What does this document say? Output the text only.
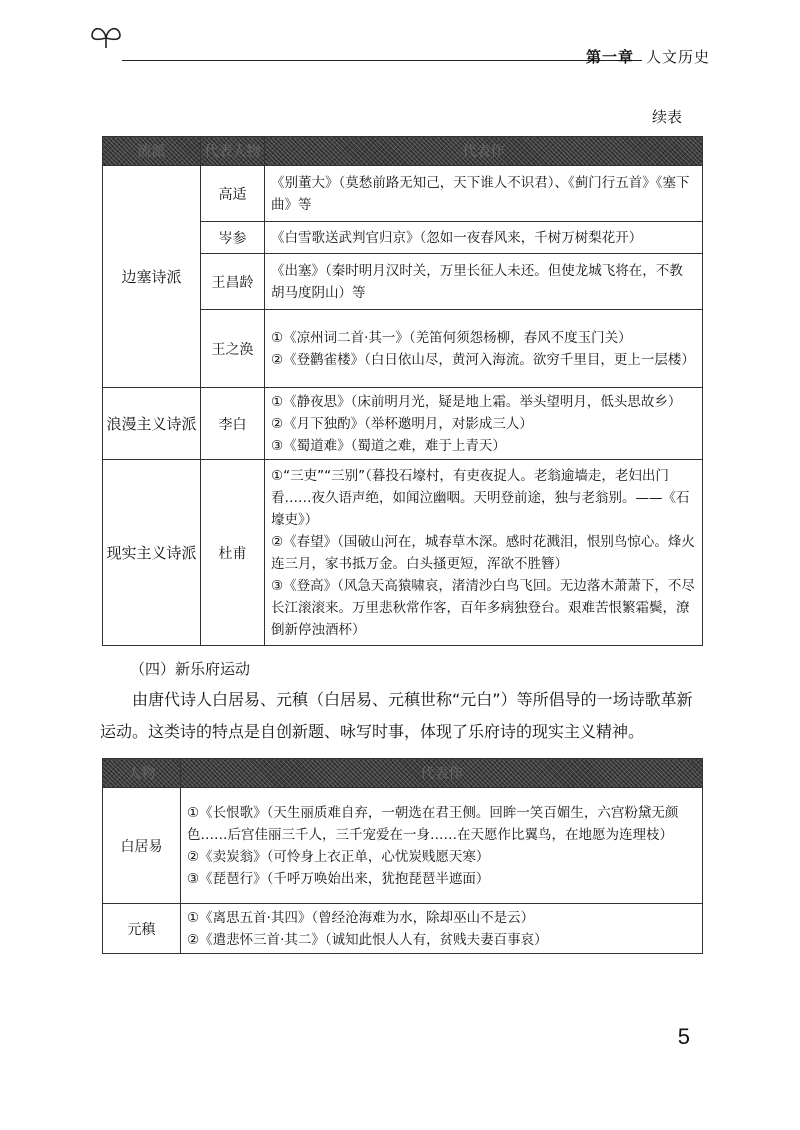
第一章 人文历史
续表
流派	代表人物	代表作
边塞诗派	高适	《别董大》（莫愁前路无知己，天下谁人不识君）、《蓟门行五首》《塞下曲》等

	岑参	《白雪歌送武判官归京》（忽如一夜春风来，千树万树梨花开）

	王昌龄	《出塞》（秦时明月汉时关，万里长征人未还。但使龙城飞将在，不教胡马度阴山）等

	王之涣	①《凉州词二首·其一》（羌笛何须怨杨柳，春风不度玉门关）
②《登鹳雀楼》（白日依山尽，黄河入海流。欲穷千里目，更上一层楼）

浪漫主义诗派	李白	①《静夜思》（床前明月光，疑是地上霜。举头望明月，低头思故乡）
②《月下独酌》（举杯邀明月，对影成三人）
③《蜀道难》（蜀道之难，难于上青天）

现实主义诗派	杜甫	①“三吏”“三别”（暮投石壕村，有吏夜捉人。老翁逾墙走，老妇出门看……夜久语声绝，如闻泣幽咽。天明登前途，独与老翁别。——《石壕吏》）
②《春望》（国破山河在，城春草木深。感时花溅泪，恨别鸟惊心。烽火连三月，家书抵万金。白头搔更短，浑欲不胜簪）
③《登高》（风急天高猿啸哀，渚清沙白鸟飞回。无边落木萧萧下，不尽长江滚滚来。万里悲秋常作客，百年多病独登台。艰难苦恨繁霜鬓，潦倒新停浊酒杯）
（四）新乐府运动
由唐代诗人白居易、元稹（白居易、元稹世称“元白”）等所倡导的一场诗歌革新运动。这类诗的特点是自创新题、咏写时事，体现了乐府诗的现实主义精神。
人物	代表作
白居易	①《长恨歌》（天生丽质难自弃，一朝选在君王侧。回眸一笑百媚生，六宫粉黛无颜色……后宫佳丽三千人，三千宠爱在一身……在天愿作比翼鸟，在地愿为连理枝）
②《卖炭翁》（可怜身上衣正单，心忧炭贱愿天寒）
③《琵琶行》（千呼万唤始出来，犹抱琵琶半遮面）

元稹	①《离思五首·其四》（曾经沧海难为水，除却巫山不是云）
②《遣悲怀三首·其二》（诚知此恨人人有，贫贱夫妻百事哀）
5
